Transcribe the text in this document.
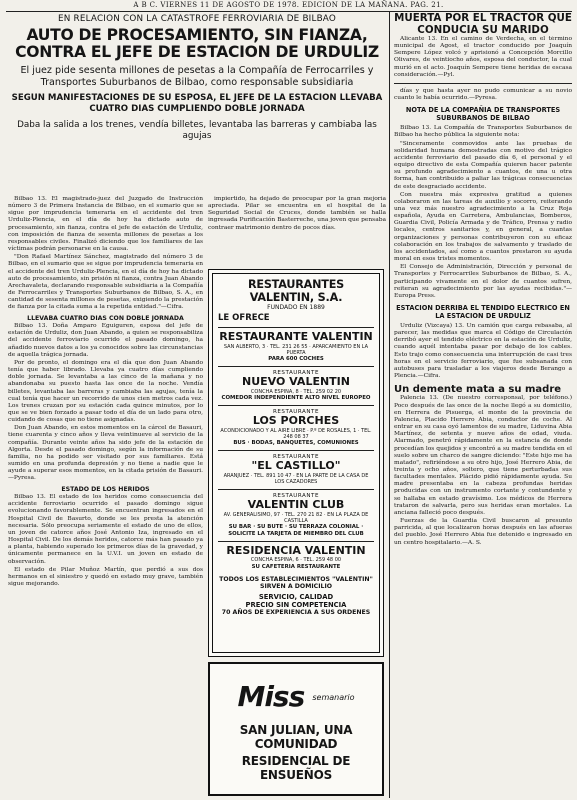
A B C. VIERNES 11 DE AGOSTO DE 1978. EDICION DE LA MAÑANA. PAG. 21.
EN RELACION CON LA CATASTROFE FERROVIARIA DE BILBAO
AUTO DE PROCESAMIENTO, SIN FIANZA, CONTRA EL JEFE DE ESTACION DE URDULIZ
El juez pide sesenta millones de pesetas a la Compañía de Ferrocarriles y Transportes Suburbanos de Bilbao, como responsable subsidiaria
SEGUN MANIFESTACIONES DE SU ESPOSA, EL JEFE DE LA ESTACION LLEVABA CUATRO DIAS CUMPLIENDO DOBLE JORNADA
Daba la salida a los trenes, vendía billetes, levantaba las barreras y cambiaba las agujas

Bilbao 13. El magistrado-juez del Juzgado de Instrucción número 3 de Primera Instancia de Bilbao, en el sumario que se sigue por imprudencia temeraria en el accidente del tren Urduliz-Plencia, en el día de hoy ha dictado auto de procesamiento, sin fianza, contra el jefe de estación de Urduliz, con imposición de fianza de sesenta millones de pesetas a los responsables civiles. Finalizó diciendo que los familiares de las víctimas podrán personarse en la causa.

"Don Rafael Martínez Sánchez, magistrado del número 3 de Bilbao, en el sumario que se sigue por imprudencia temeraria en el accidente del tren Urduliz-Plencia, en el día de hoy ha dictado auto de procesamiento, sin prisión ni fianza, contra Juan Abando Arechavaleta, declarando responsable subsidiaria a la Compañía de Ferrocarriles y Transportes Suburbanos de Bilbao, S. A., en cantidad de sesenta millones de pesetas, exigiendo la prestación de fianza por la citada suma a la repetida entidad."—Cifra.

LLEVABA CUATRO DIAS CON DOBLE JORNADA

Bilbao 13. Doña Amparo Eguiguren, esposa del jefe de estación de Urduliz, don Juan Abando, a quien se responsabiliza del accidente ferroviario ocurrido el pasado domingo, ha añadido nuevos datos a los ya conocidos sobre las circunstancias de aquella trágica jornada.

Por de pronto, el domingo era el día que don Juan Abando tenía que haber librado. Llevaba ya cuatro días cumpliendo doble jornada. Se levantaba a las cinco de la mañana y no abandonaba su puesto hasta las once de la noche. Vendía billetes, levantaba las barreras y cambiaba las agujas, tenía la cual tenía que hacer un recorrido de unos cien metros cada vez. Los trenes cruzan por su estación cada quince minutos, por lo que se ve bien forzado a pasar todo el día de un lado para otro, cuidando de cosas que no tiene asignadas.

Don Juan Abando, en estos momentos en la cárcel de Basauri, tiene cuarenta y cinco años y lleva veintinueve al servicio de la compañía. Durante veinte años ha sido jefe de la estación de Algorta. Desde el pasado domingo, según la información de su familia, no ha podido ser visitado por sus familiares. Está sumido en una profunda depresión y no tiene a nadie que le ayude a superar esos momentos, en la citada prisión de Basauri.—Pyresa.

ESTADO DE LOS HERIDOS

Bilbao 13. El estado de los heridos como consecuencia del accidente ferroviario ocurrido el pasado domingo sigue evolucionando favorablemente. Se encuentran ingresados en el Hospital Civil de Basurto, donde se les presta la atención necesaria. Sólo preocupa seriamente el estado de uno de ellos, un joven de catorce años José Antonio Iza, ingresado en el Hospital Civil. De los demás heridos, catorce más han pasado ya a planta, habiendo superado los primeros días de la gravedad, y únicamente permanece en la U.V.I. un joven en estado de observación.

El estado de Pilar Muñoz Martín, que perdió a sus dos hermanos en el siniestro y quedó en estado muy grave, también sigue mejorando.

impiertido, ha dejado de preocupar por la gran mejoría apreciada. Pilar se encuentra en el hospital de la Seguridad Social de Cruces, donde también se halla ingresada Purificación Basterreche, una joven que pensaba contraer matrimonio dentro de pocos días.

RESTAURANTES VALENTIN, S.A.
FUNDADO EN 1889
LE OFRECE
RESTAURANTE VALENTIN
SAN ALBERTO, 3 · TEL. 231 26 55 · APARCAMIENTO EN LA PUERTA
PARA 600 COCHES
RESTAURANTE
NUEVO VALENTIN
CONCHA ESPINA, 8 · TEL. 259 02 20
COMEDOR INDEPENDIENTE ALTO NIVEL EUROPEO
RESTAURANTE
LOS PORCHES
ACONDICIONADO Y AL AIRE LIBRE · P.º DE ROSALES, 1 · TEL. 248 08 37
BUS · BODAS, BANQUETES, COMUNIONES
RESTAURANTE
"EL CASTILLO"
ARANJUEZ · TEL. 891 10 47 · EN LA PARTE DE LA CASA DE LOS CAZADORES
RESTAURANTE
VALENTIN CLUB
AV. GENERALISIMO, 97 · TEL. 270 21 82 · EN LA PLAZA DE CASTILLA
SU BAR · SU BUTE · SU TERRAZA COLONIAL · SOLICITE LA TARJETA DE MIEMBRO DEL CLUB
RESIDENCIA VALENTIN
CONCHA ESPINA, 6 · TEL. 259 48 00
SU CAFETERIA RESTAURANTE
TODOS LOS ESTABLECIMIENTOS "VALENTIN" SIRVEN A DOMICILIO
SERVICIO, CALIDAD
PRECIO SIN COMPETENCIA
70 AÑOS DE EXPERIENCIA A SUS ORDENES
Miss semanario
SAN JULIAN, UNA COMUNIDAD
RESIDENCIAL DE ENSUEÑOS
MUERTA POR EL TRACTOR QUE CONDUCIA SU MARIDO

Alicante 13. En el camino de Verdecha, en el término municipal de Agost, el tractor conducido por Joaquín Sempere López volcó y aprisionó a Concepción Morcillo Olivares, de veintiocho años, esposa del conductor, la cual murió en el acto. Joaquín Sempere tiene heridas de escasa consideración.—Pyl.

días y que hasta ayer no pudo comunicar a su novio cuanto le había ocurrido.—Pyresa.

NOTA DE LA COMPAÑIA DE TRANSPORTES SUBURBANOS DE BILBAO

Bilbao 13. La Compañía de Transportes Suburbanos de Bilbao ha hecho pública la siguiente nota:

"Sinceramente conmovidos ante las pruebas de solidaridad humana demostradas con motivo del trágico accidente ferroviario del pasado día 6, el personal y el equipo directivo de esta Compañía quieren hacer patente su profundo agradecimiento a cuantos, de una u otra forma, han contribuido a paliar las trágicas consecuencias de este desgraciado accidente.

Con nuestra más expresiva gratitud a quienes colaboraron en las tareas de auxilio y socorro, reiterando una vez más nuestro agradecimiento a la Cruz Roja española, Ayuda en Carretera, Ambulancias, Bomberos, Guardia Civil, Policía Armada y de Tráfico, Prensa y radio locales, centros sanitarios y, en general, a cuantas organizaciones y personas contribuyeron con su eficaz colaboración en los trabajos de salvamento y traslado de los accidentados, así como a cuantos prestaron su ayuda moral en esos tristes momentos.

El Consejo de Administración, Dirección y personal de Transportes y Ferrocarriles Suburbanos de Bilbao, S. A., participando vivamente en el dolor de cuantos sufren, reiteran su agradecimiento por las ayudas recibidas."—Europa Press.

ESTACION DERRIBA EL TENDIDO ELECTRICO EN LA ESTACION DE URDULIZ

Urduliz (Vizcaya) 13. Un camión que carga rebasaba, al parecer, las medidas que marca el Código de Circulación derribó ayer el tendido eléctrico en la estación de Urduliz, cuando aquél intentaba pasar por debajo de los cables. Esto trajo como consecuencia una interrupción de casi tres horas en el servicio ferroviario, que fue subsanada con autobuses para trasladar a los viajeros desde Berango a Plencia.—Cifra.

Un demente mata a su madre

Palencia 13. (De nuestro corresponsal, por teléfono.) Poco después de las once de la noche llegó a su domicilio, en Herrera de Pisuerga, el monte de la provincia de Palencia, Placido Herrero Abia, conductor de coche. Al entrar en su casa oyó lamentos de su madre, Liduvina Abia Martínez, de setenta y nueve años de edad, viuda. Alarmado, penetró rápidamente en la estancia de donde procedían los quejidos y encontró a su madre tendida en el suelo sobre un charco de sangre diciendo: "Este hijo me ha matado", refiriéndose a su otro hijo, José Herrero Abia, de treinta y ocho años, soltero, que tiene perturbadas sus facultades mentales. Plácido pidió rápidamente ayuda. Su madre presentaba en la cabeza profundas heridas producidas con un instrumento cortante y contundente y se hallaba en estado gravísimo. Los médicos de Herrera trataron de salvarla, pero sus heridas eran mortales. La anciana falleció poco después.

Fuerzas de la Guardia Civil buscaron al presunto parricida, al que localizaron horas después en las afueras del pueblo. José Herrero Abia fue detenido e ingresado en un centro hospitalario.—A. S.
